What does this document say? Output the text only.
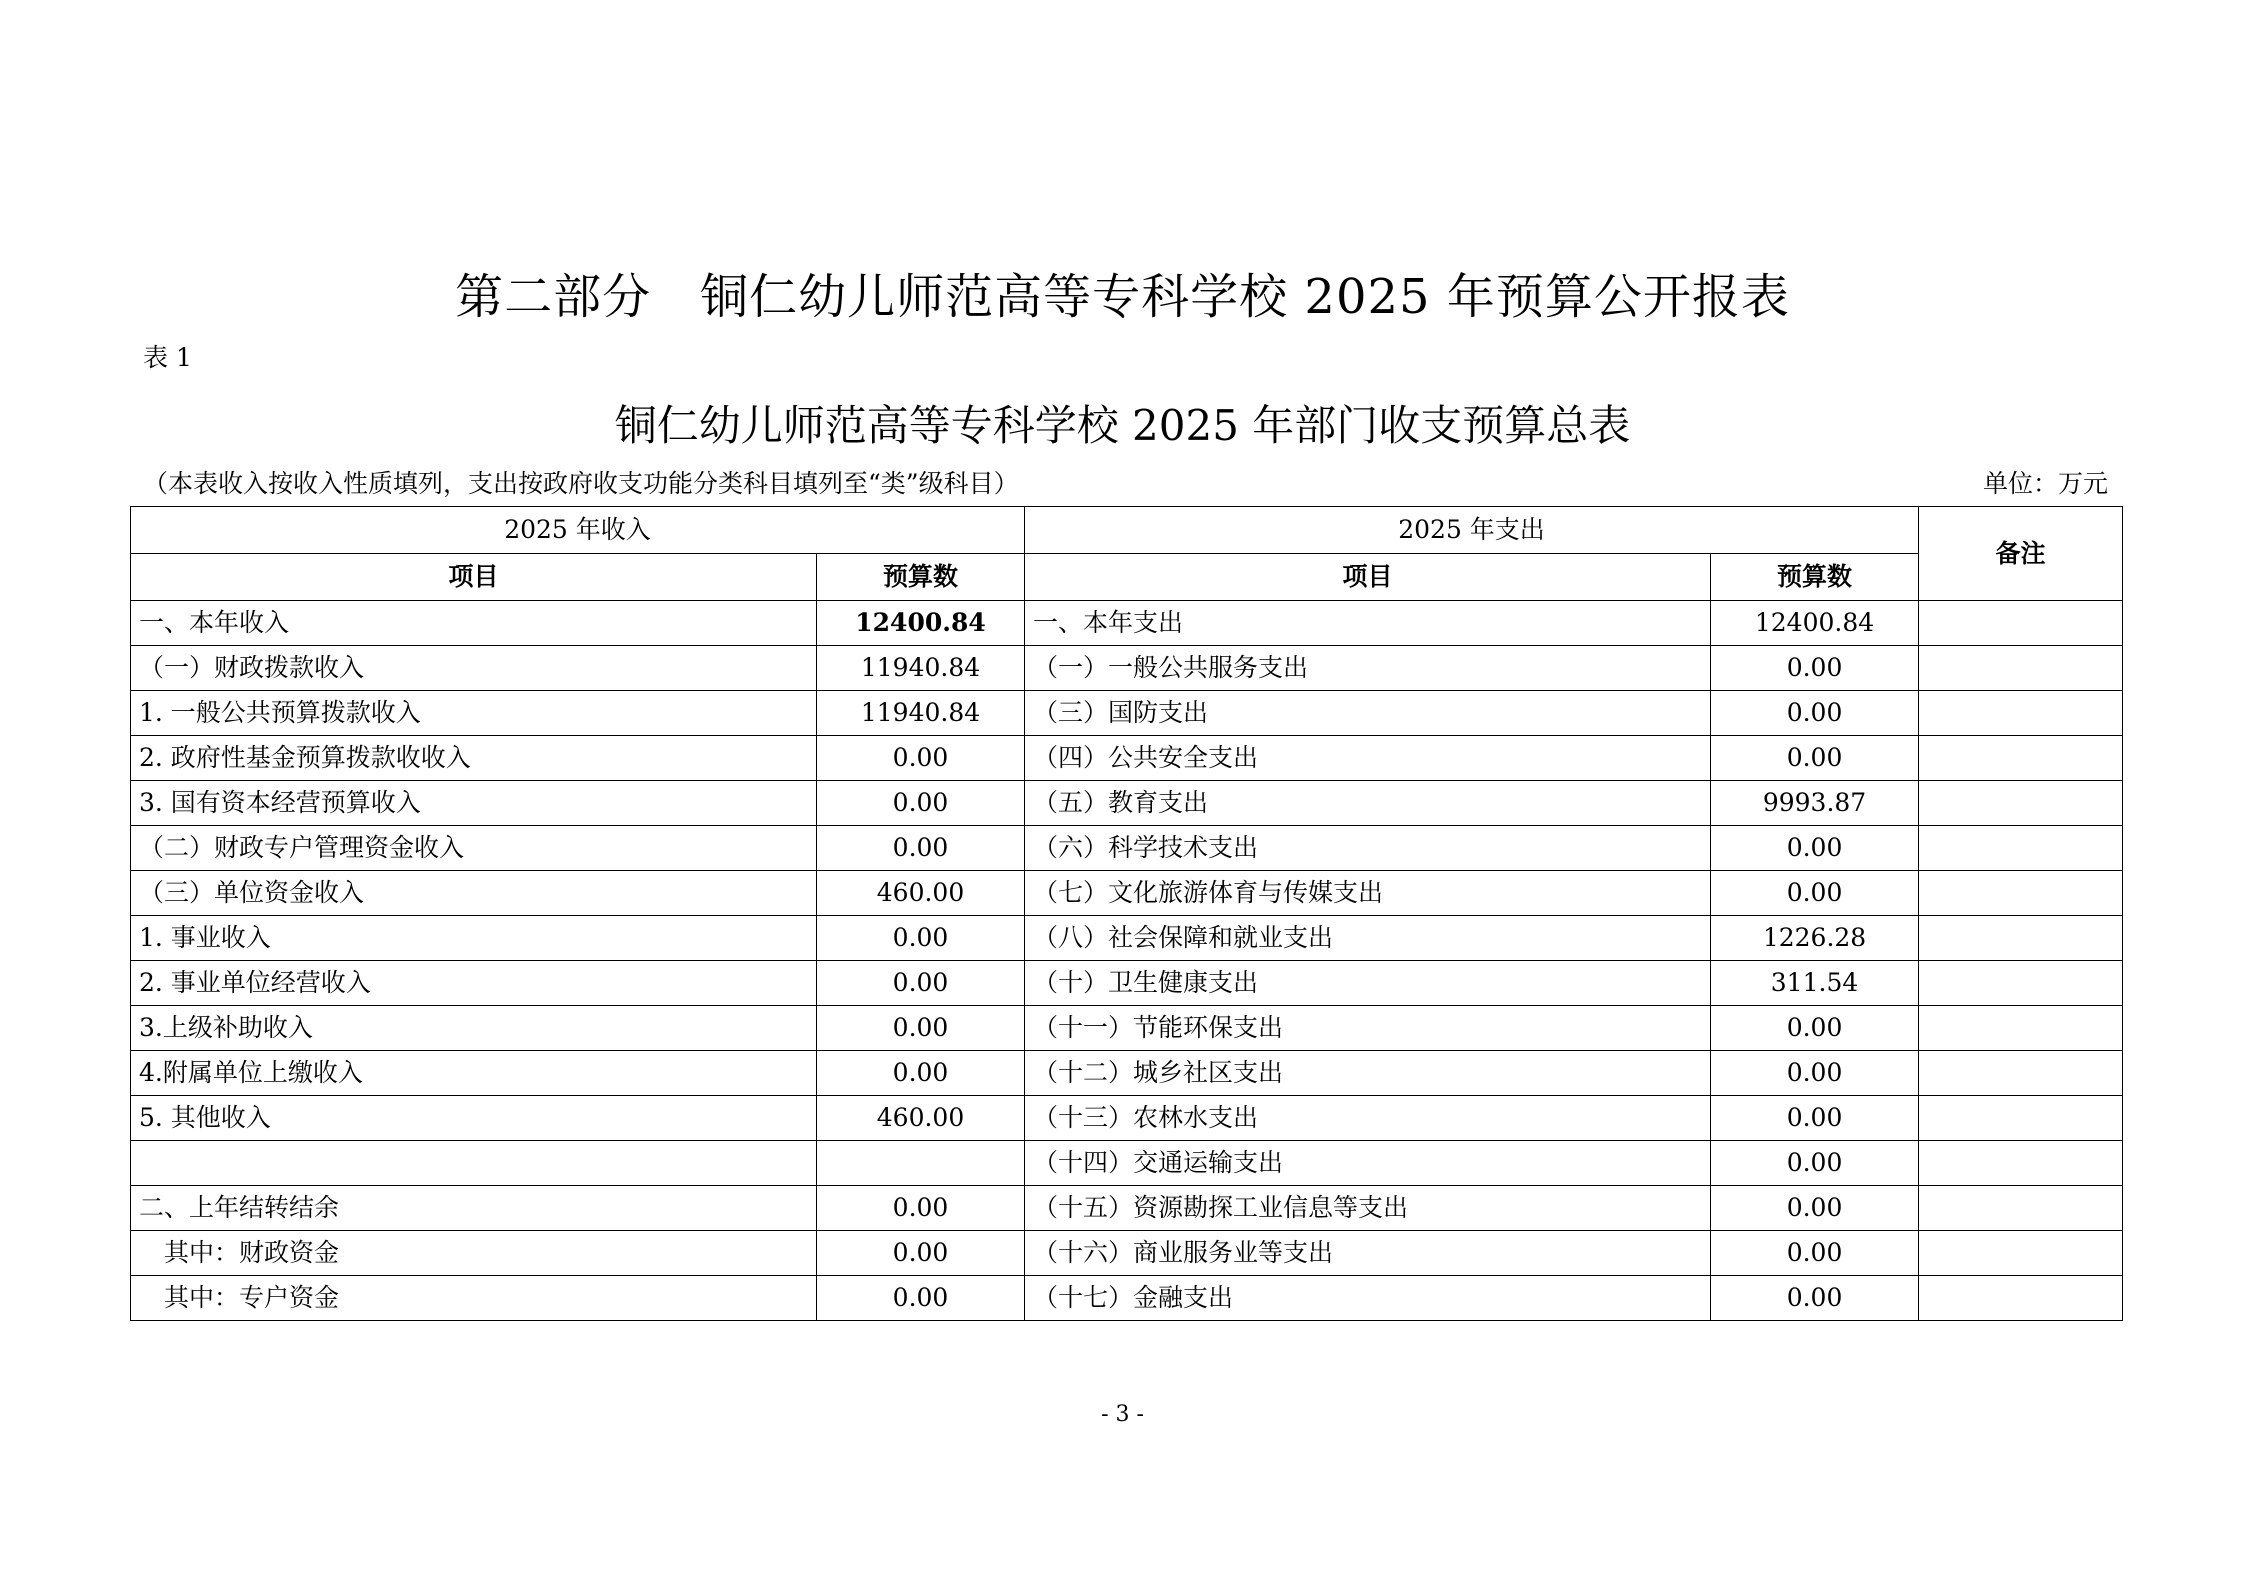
第二部分　铜仁幼儿师范高等专科学校 2025 年预算公开报表
表 1
铜仁幼儿师范高等专科学校 2025 年部门收支预算总表
（本表收入按收入性质填列，支出按政府收支功能分类科目填列至“类”级科目）	单位：万元
2025 年收入		2025 年支出		备注
项目	预算数	项目	预算数	
一、本年收入	12400.84	一、本年支出	12400.84	
（一）财政拨款收入	11940.84	（一）一般公共服务支出	0.00	
1. 一般公共预算拨款收入	11940.84	（三）国防支出	0.00	
2. 政府性基金预算拨款收收入	0.00	（四）公共安全支出	0.00	
3. 国有资本经营预算收入	0.00	（五）教育支出	9993.87	
（二）财政专户管理资金收入	0.00	（六）科学技术支出	0.00	
（三）单位资金收入	460.00	（七）文化旅游体育与传媒支出	0.00	
1. 事业收入	0.00	（八）社会保障和就业支出	1226.28	
2. 事业单位经营收入	0.00	（十）卫生健康支出	311.54	
3.上级补助收入	0.00	（十一）节能环保支出	0.00	
4.附属单位上缴收入	0.00	（十二）城乡社区支出	0.00	
5. 其他收入	460.00	（十三）农林水支出	0.00	
		（十四）交通运输支出	0.00	
二、上年结转结余	0.00	（十五）资源勘探工业信息等支出	0.00	
　其中：财政资金	0.00	（十六）商业服务业等支出	0.00	
　其中：专户资金	0.00	（十七）金融支出	0.00	
- 3 -
